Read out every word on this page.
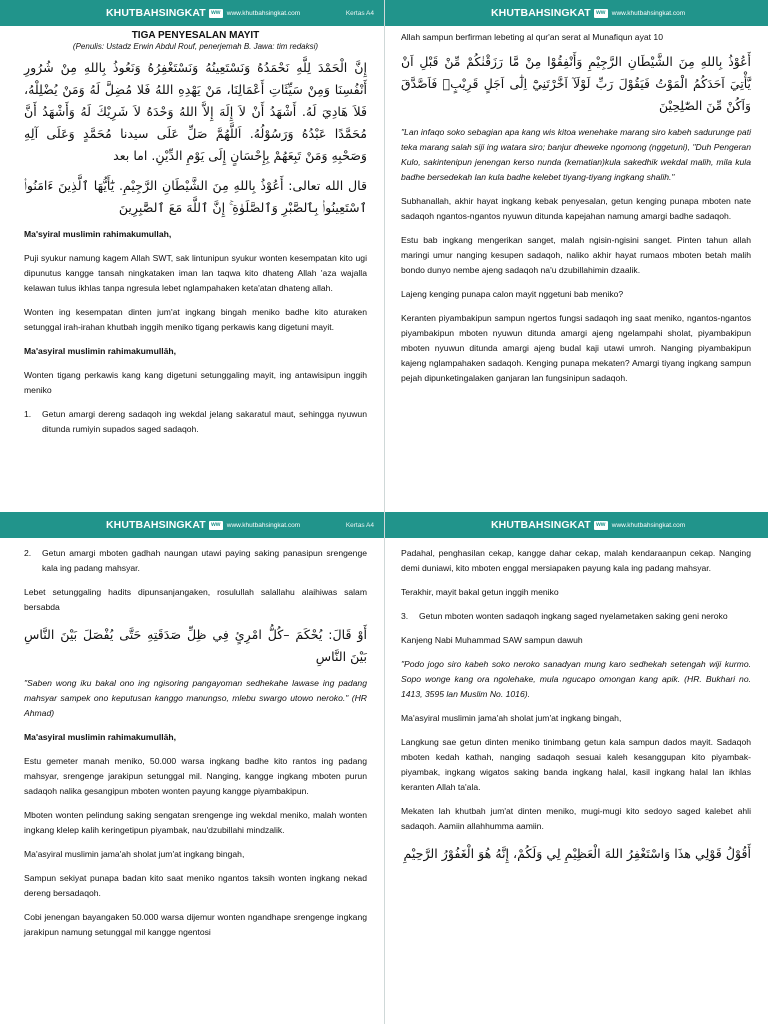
KHUTBAHSINGKAT ww www.khutbahsingkat.com	Kertas A4
TIGA PENYESALAN MAYIT
(Penulis: Ustadz Erwin Abdul Rouf, penerjemah B. Jawa: tim redaksi)
إِنَّ الْحَمْدَ لِلَّهِ نَحْمَدُهُ وَنَسْتَعِينُهُ وَنَسْتَغْفِرُهُ وَنَعُوذُ بِاللهِ مِنْ شُرُورِ أَنْفُسِنَا وَمِنْ سَيِّئَاتِ أَعْمَالِنَا، مَنْ يَهْدِهِ اللهُ فَلا مُضِلَّ لَهُ وَمَنْ يُضْلِلْهُ، فَلاَ هَادِيَ لَهُ. أَشْهَدُ أَنْ لاَ إِلَهَ إِلاَّ اللهُ وَحْدَهُ لاَ شَرِيْكَ لَهُ وَأَشْهَدُ أَنَّ مُحَمَّدًا عَبْدُهُ وَرَسُوْلُهُ. اَللَّهُمَّ صَلِّ عَلَى سيدنا مُحَمَّدٍ وَعَلَى آلِهِ وَصَحْبِهِ وَمَنْ تَبِعَهُمْ بِإِحْسَانٍ إِلَى يَوْمِ الدِّيْنِ. اما بعد
قال الله تعالى: أَعُوْذُ بِاللهِ مِنَ الشَّيْطَانِ الرَّجِيْمِ. يَٰٓأَيُّهَا ٱلَّذِينَ ءَامَنُوا۟ ٱسْتَعِينُوا۟ بِٱلصَّبْرِ وَٱلصَّلَوٰةِ ۚ إِنَّ ٱللَّهَ مَعَ ٱلصَّٰبِرِينَ

Ma'syiral muslimin rahimakumullah,

Puji syukur namung kagem Allah SWT, sak lintunipun syukur wonten kesempatan kito ugi dipunutus kangge tansah ningkataken iman lan taqwa kito dhateng Allah 'aza wajalla kelawan tulus ikhlas tanpa ngresula lebet nglampahaken keta'atan dhateng allah.

Wonten ing kesempatan dinten jum'at ingkang bingah meniko badhe kito aturaken setunggal irah-irahan khutbah inggih meniko tigang perkawis kang digetuni mayit.

Ma'asyiral muslimin rahimakumullāh,

Wonten tigang perkawis kang kang digetuni setunggaling mayit, ing antawisipun inggih meniko

1.	Getun amargi dereng sadaqoh ing wekdal jelang sakaratul maut, sehingga nyuwun ditunda rumiyin supados saged sadaqoh.
KHUTBAHSINGKAT ww www.khutbahsingkat.com

Allah sampun berfirman lebeting al qur'an serat al Munafiqun ayat 10

أَعُوْذُ بِاللهِ مِنَ الشَّيْطَانِ الرَّجِيْمِ وَأَنْفِقُوْا مِنْ مَّا رَزَقْنٰكُمْ مِّنْ قَبْلِ اَنْ يَّأْتِيَ اَحَدَكُمُ الْمَوْتُ فَيَقُوْلَ رَبِّ لَوْلَآ اَخَّرْتَنِيْٓ اِلٰٓى اَجَلٍ قَرِيْبٍۚ فَاَصَّدَّقَ وَاَكُنْ مِّنَ الصّٰلِحِيْنَ

"Lan infaqo soko sebagian apa kang wis kitoa wenehake marang siro kabeh sadurunge pati teka marang salah siji ing watara siro; banjur dheweke ngomong (nggetuni), "Duh Pengeran Kulo, sakintenipun jenengan kerso nunda (kematian)kula sakedhik wekdal malih, mila kula badhe bersedekah lan kula badhe kelebet tiyang-tiyang ingkang shalih."

Subhanallah, akhir hayat ingkang kebak penyesalan, getun kenging punapa mboten nate sadaqoh ngantos-ngantos nyuwun ditunda kapejahan namung amargi badhe sadaqoh.

Estu bab ingkang mengerikan sanget, malah ngisin-ngisini sanget. Pinten tahun allah maringi umur nanging kesupen sadaqoh, naliko akhir hayat rumaos mboten betah malih bondo dunyo nembe ajeng sadaqoh na'u dzubillahimin dzaalik.

Lajeng kenging punapa calon mayit nggetuni bab meniko?

Keranten piyambakipun sampun ngertos fungsi sadaqoh ing saat meniko, ngantos-ngantos piyambakipun mboten nyuwun ditunda amargi ajeng ngelampahi sholat, piyambakipun mboten nyuwun ditunda amargi ajeng budal kaji utawi umroh. Nanging piyambakipun kajeng nglampahaken sadaqoh. Kenging punapa mekaten? Amargi tiyang ingkang sampun pejah dipunketingalaken ganjaran lan fungsinipun sadaqoh.

KHUTBAHSINGKAT ww www.khutbahsingkat.com	Kertas A4
2.	Getun amargi mboten gadhah naungan utawi paying saking panasipun srengenge kala ing padang mahsyar.

Lebet setunggaling hadits dipunsanjangaken, rosulullah salallahu alaihiwas salam bersabda

أَوْ قَالَ: يُحْكَمَ –كُلُّ امْرِئٍ فِي ظِلِّ صَدَقَتِهِ حَتَّى يُفْصَلَ بَيْنَ النَّاسِ بَيْنَ النَّاسِ

"Saben wong iku bakal ono ing ngisoring pangayoman sedhekahe lawase ing padang mahsyar sampek ono keputusan kanggo manungso, mlebu swargo utowo neroko." (HR Ahmad)

Ma'asyiral muslimin rahimakumullāh,

Estu gemeter manah meniko, 50.000 warsa ingkang badhe kito rantos ing padang mahsyar, srengenge jarakipun setunggal mil. Nanging, kangge ingkang mboten purun sadaqoh nalika gesangipun mboten wonten payung kangge piyambakipun.

Mboten wonten pelindung saking sengatan srengenge ing wekdal meniko, malah wonten ingkang klelep kalih keringetipun piyambak, nau'dzubillahi mindzalik.

Ma'asyiral muslimin jama'ah sholat jum'at ingkang bingah,

Sampun sekiyat punapa badan kito saat meniko ngantos taksih wonten ingkang nekad dereng bersadaqoh.

Cobi jenengan bayangaken 50.000 warsa dijemur wonten ngandhape srengenge ingkang jarakipun namung setunggal mil kangge ngentosi

KHUTBAHSINGKAT ww www.khutbahsingkat.com

Padahal, penghasilan cekap, kangge dahar cekap, malah kendaraanpun cekap. Nanging demi duniawi, kito mboten enggal mersiapaken payung kala ing padang mahsyar.

Terakhir, mayit bakal getun inggih meniko

3.	Getun mboten wonten sadaqoh ingkang saged nyelametaken saking geni neroko

Kanjeng Nabi Muhammad SAW sampun dawuh

"Podo jogo siro kabeh soko neroko sanadyan mung karo sedhekah setengah wiji kurmo. Sopo wonge kang ora ngolehake, mula ngucapo omongan kang apik. (HR. Bukhari no. 1413, 3595 lan Muslim No. 1016).

Ma'asyiral muslimin jama'ah sholat jum'at ingkang bingah,

Langkung sae getun dinten meniko tinimbang getun kala sampun dados mayit. Sadaqoh mboten kedah kathah, nanging sadaqoh sesuai kaleh kesanggupan kito piyambak-piyambak, ingkang wigatos saking banda ingkang halal, kasil ingkang halal lan ikhlas keranten Allah ta'ala.

Mekaten lah khutbah jum'at dinten meniko, mugi-mugi kito sedoyo saged kalebet ahli sadaqoh. Aamiin allahhumma aamiin.

أَقُوْلُ قَوْلِي هذَا وَاسْتَغْفِرُ اللهَ الْعَظِيْمِ لِي وَلَكُمْ، إِنَّهُ هُوَ الْغَفُوْرُ الرَّحِيْمِ
